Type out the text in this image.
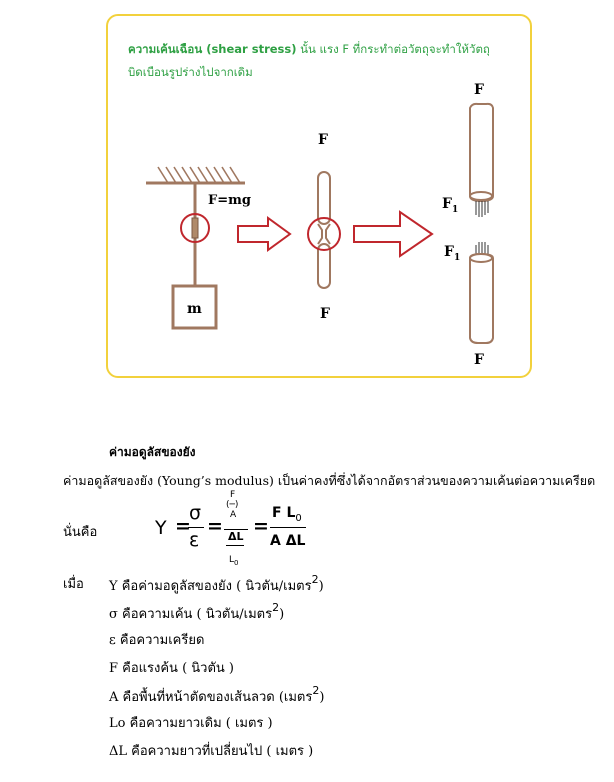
ความเค้นเฉือน (shear stress) นั้น แรง F ที่กระทำต่อวัตถุจะทำให้วัตถุบิดเบือนรูปร่างไปจากเดิม
F=mg
m
F
F
F
F
$F_1$
$F_1$
ค่ามอดูลัสของยัง
ค่ามอดูลัสของยัง (Young’s modulus) เป็นค่าคงที่ซึ่งได้จากอัตราส่วนของความเค้นต่อความเครียด
นั่นคือ	Y =
σ
ε
=
F
(─)
A
ΔL
$L_0$
=
F $L_0$
A ΔL
เมื่อ Y คือค่ามอดูลัสของยัง ( นิวตัน/เมตร$^2$)
σ คือความเค้น ( นิวตัน/เมตร$^2$)
ε คือความเครียด
F คือแรงค้น ( นิวตัน )
A คือพื้นที่หน้าตัดของเส้นลวด (เมตร$^2$)
Lo คือความยาวเดิม ( เมตร )
ΔL คือความยาวที่เปลี่ยนไป ( เมตร )
